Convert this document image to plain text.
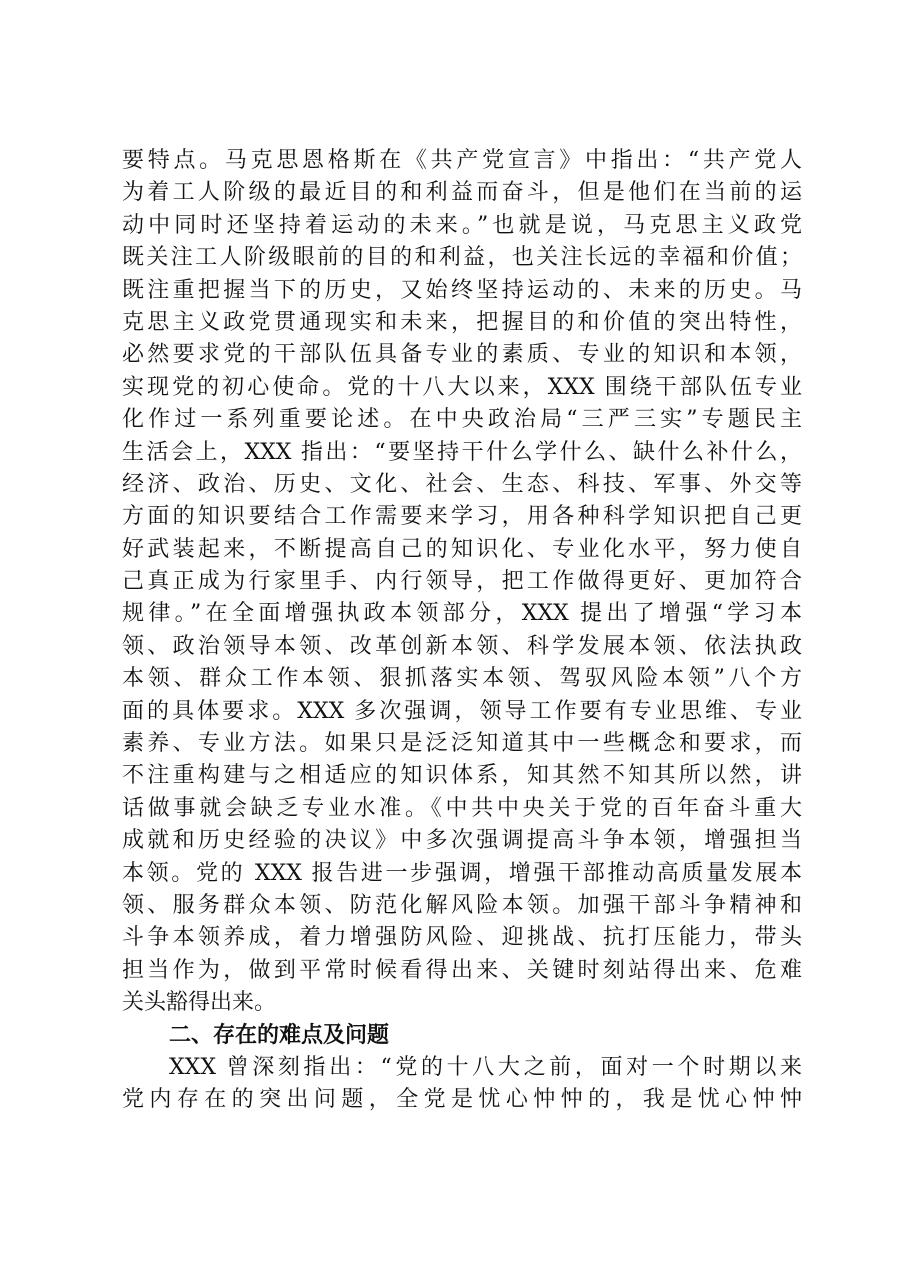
要特点。马克思恩格斯在《共产党宣言》中指出：“共产党人
为着工人阶级的最近目的和利益而奋斗，但是他们在当前的运
动中同时还坚持着运动的未来。”也就是说，马克思主义政党
既关注工人阶级眼前的目的和利益，也关注长远的幸福和价值；
既注重把握当下的历史，又始终坚持运动的、未来的历史。马
克思主义政党贯通现实和未来，把握目的和价值的突出特性，
必然要求党的干部队伍具备专业的素质、专业的知识和本领，
实现党的初心使命。党的十八大以来，XXX 围绕干部队伍专业
化作过一系列重要论述。在中央政治局“三严三实”专题民主
生活会上，XXX 指出：“要坚持干什么学什么、缺什么补什么，
经济、政治、历史、文化、社会、生态、科技、军事、外交等
方面的知识要结合工作需要来学习，用各种科学知识把自己更
好武装起来，不断提高自己的知识化、专业化水平，努力使自
己真正成为行家里手、内行领导，把工作做得更好、更加符合
规律。”在全面增强执政本领部分，XXX 提出了增强“学习本
领、政治领导本领、改革创新本领、科学发展本领、依法执政
本领、群众工作本领、狠抓落实本领、驾驭风险本领”八个方
面的具体要求。XXX 多次强调，领导工作要有专业思维、专业
素养、专业方法。如果只是泛泛知道其中一些概念和要求，而
不注重构建与之相适应的知识体系，知其然不知其所以然，讲
话做事就会缺乏专业水准。《中共中央关于党的百年奋斗重大
成就和历史经验的决议》中多次强调提高斗争本领，增强担当
本领。党的 XXX 报告进一步强调，增强干部推动高质量发展本
领、服务群众本领、防范化解风险本领。加强干部斗争精神和
斗争本领养成，着力增强防风险、迎挑战、抗打压能力，带头
担当作为，做到平常时候看得出来、关键时刻站得出来、危难
关头豁得出来。
二、存在的难点及问题
XXX 曾深刻指出：“党的十八大之前，面对一个时期以来
党内存在的突出问题，全党是忧心忡忡的，我是忧心忡忡
